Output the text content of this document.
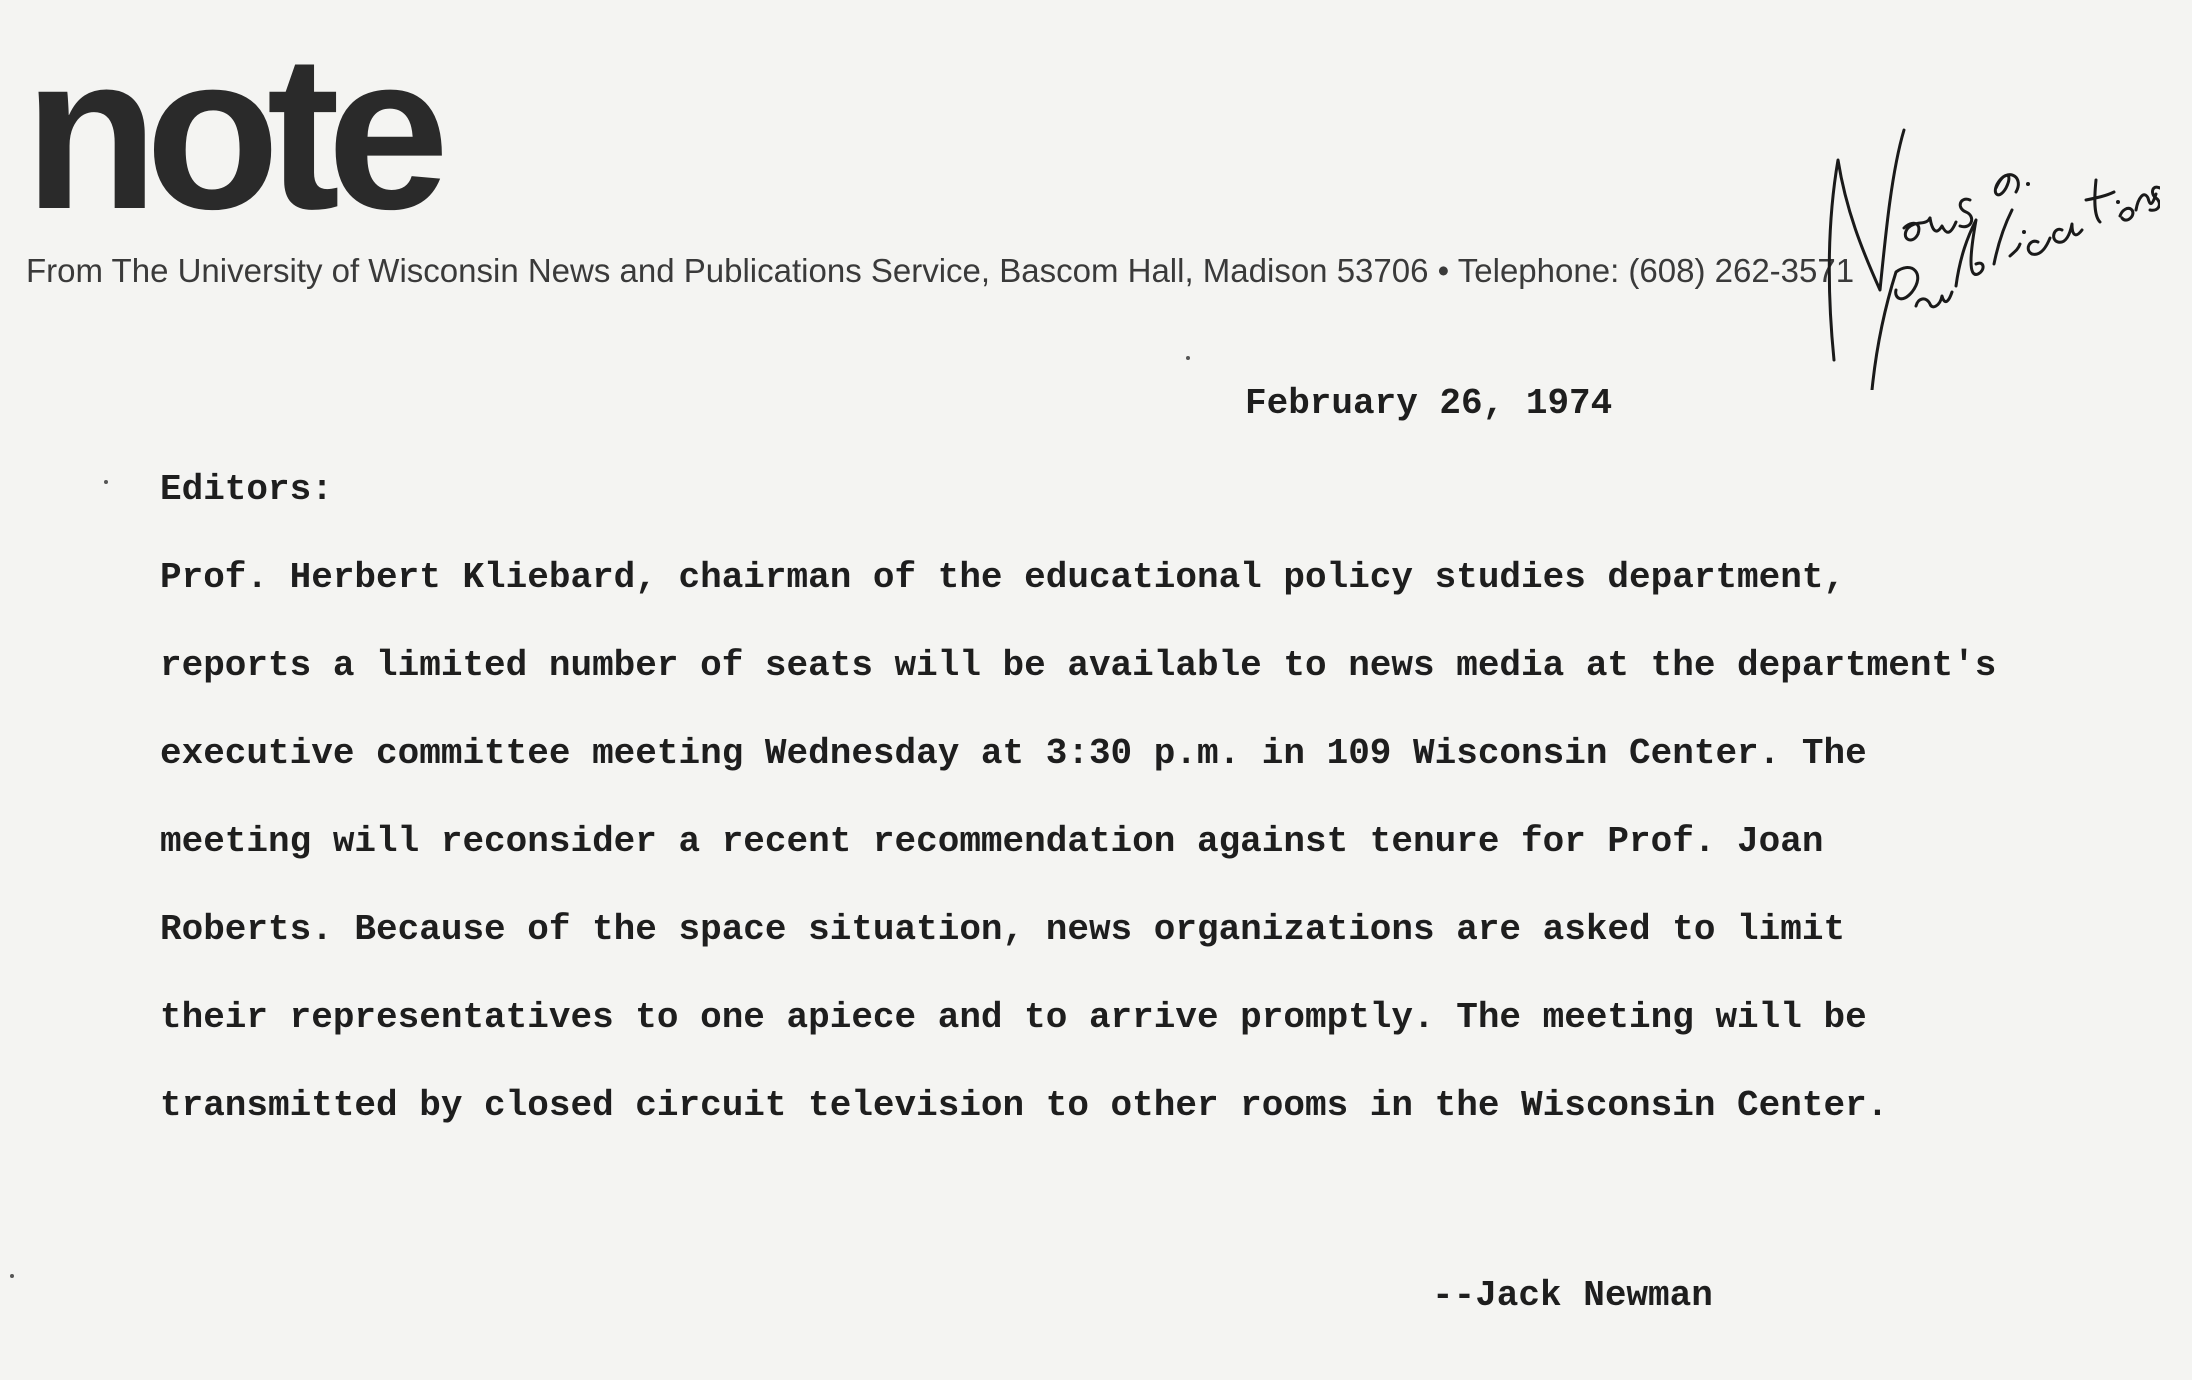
note
From The University of Wisconsin News and Publications Service, Bascom Hall, Madison 53706 • Telephone: (608) 262-3571
February 26, 1974
Editors:
Prof. Herbert Kliebard, chairman of the educational policy studies department,
reports a limited number of seats will be available to news media at the department's
executive committee meeting Wednesday at 3:30 p.m. in 109 Wisconsin Center. The
meeting will reconsider a recent recommendation against tenure for Prof. Joan
Roberts. Because of the space situation, news organizations are asked to limit
their representatives to one apiece and to arrive promptly. The meeting will be
transmitted by closed circuit television to other rooms in the Wisconsin Center.
--Jack Newman
